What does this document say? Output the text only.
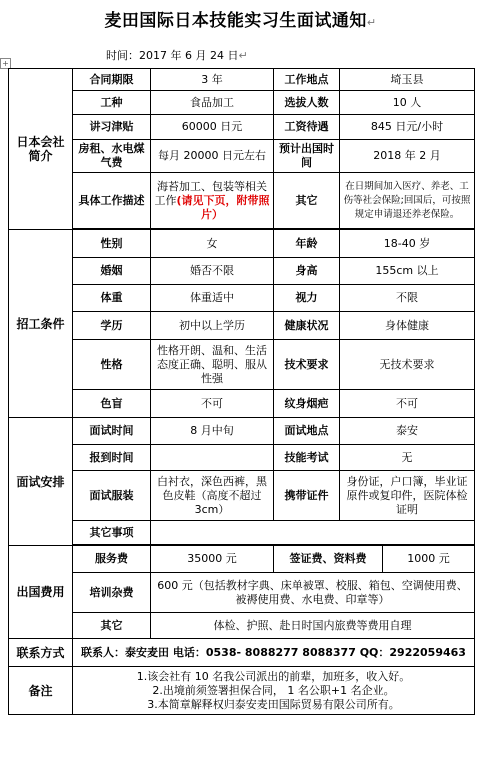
麦田国际日本技能实习生面试通知↵
时间：2017 年 6 月 24 日↵
+
日本会社简介	合同期限	3 年	工作地点	埼玉县	
	工种	食品加工	选拔人数	10 人	
	讲习津贴	60000 日元	工资待遇	845 日元/小时	
	房租、水电煤气费	每月 20000 日元左右	预计出国时间	2018 年 2 月	
	具体工作描述	海苔加工、包装等相关工作(请见下页，附带照片）	其它	在日期间加入医疗、养老、工伤等社会保险;回国后，可按照规定申请退还养老保险。	

招工条件	性别	女	年龄	18-40 岁	
	婚姻	婚否不限	身高	155cm 以上	
	体重	体重适中	视力	不限	
	学历	初中以上学历	健康状况	身体健康	
	性格	性格开朗、温和、生活态度正确、聪明、服从性强	技术要求	无技术要求	
	色盲	不可	纹身烟疤	不可	
面试安排	面试时间	8 月中旬	面试地点	泰安	
	报到时间		技能考试	无	
	面试服装	白衬衣，深色西裤，黑色皮鞋（高度不超过 3cm）	携带证件	身份证，户口簿，毕业证原件或复印件，医院体检证明	
	其它事项				

出国费用	服务费	35000 元	签证费、资料费		1000 元
	培训杂费	600 元（包括教材字典、床单被罩、校服、箱包、空调使用费、被褥使用费、水电费、印章等）			
	其它	体检、护照、赴日时国内旅费等费用自理			
联系方式	联系人：泰安麦田 电话：0538- 8088277 8088377 QQ：2922059463				
备注	1.该会社有 10 名我公司派出的前辈，加班多，收入好。
2.出境前须签署担保合同， 1 名公职+1 名企业。
3.本简章解释权归泰安麦田国际贸易有限公司所有。				
